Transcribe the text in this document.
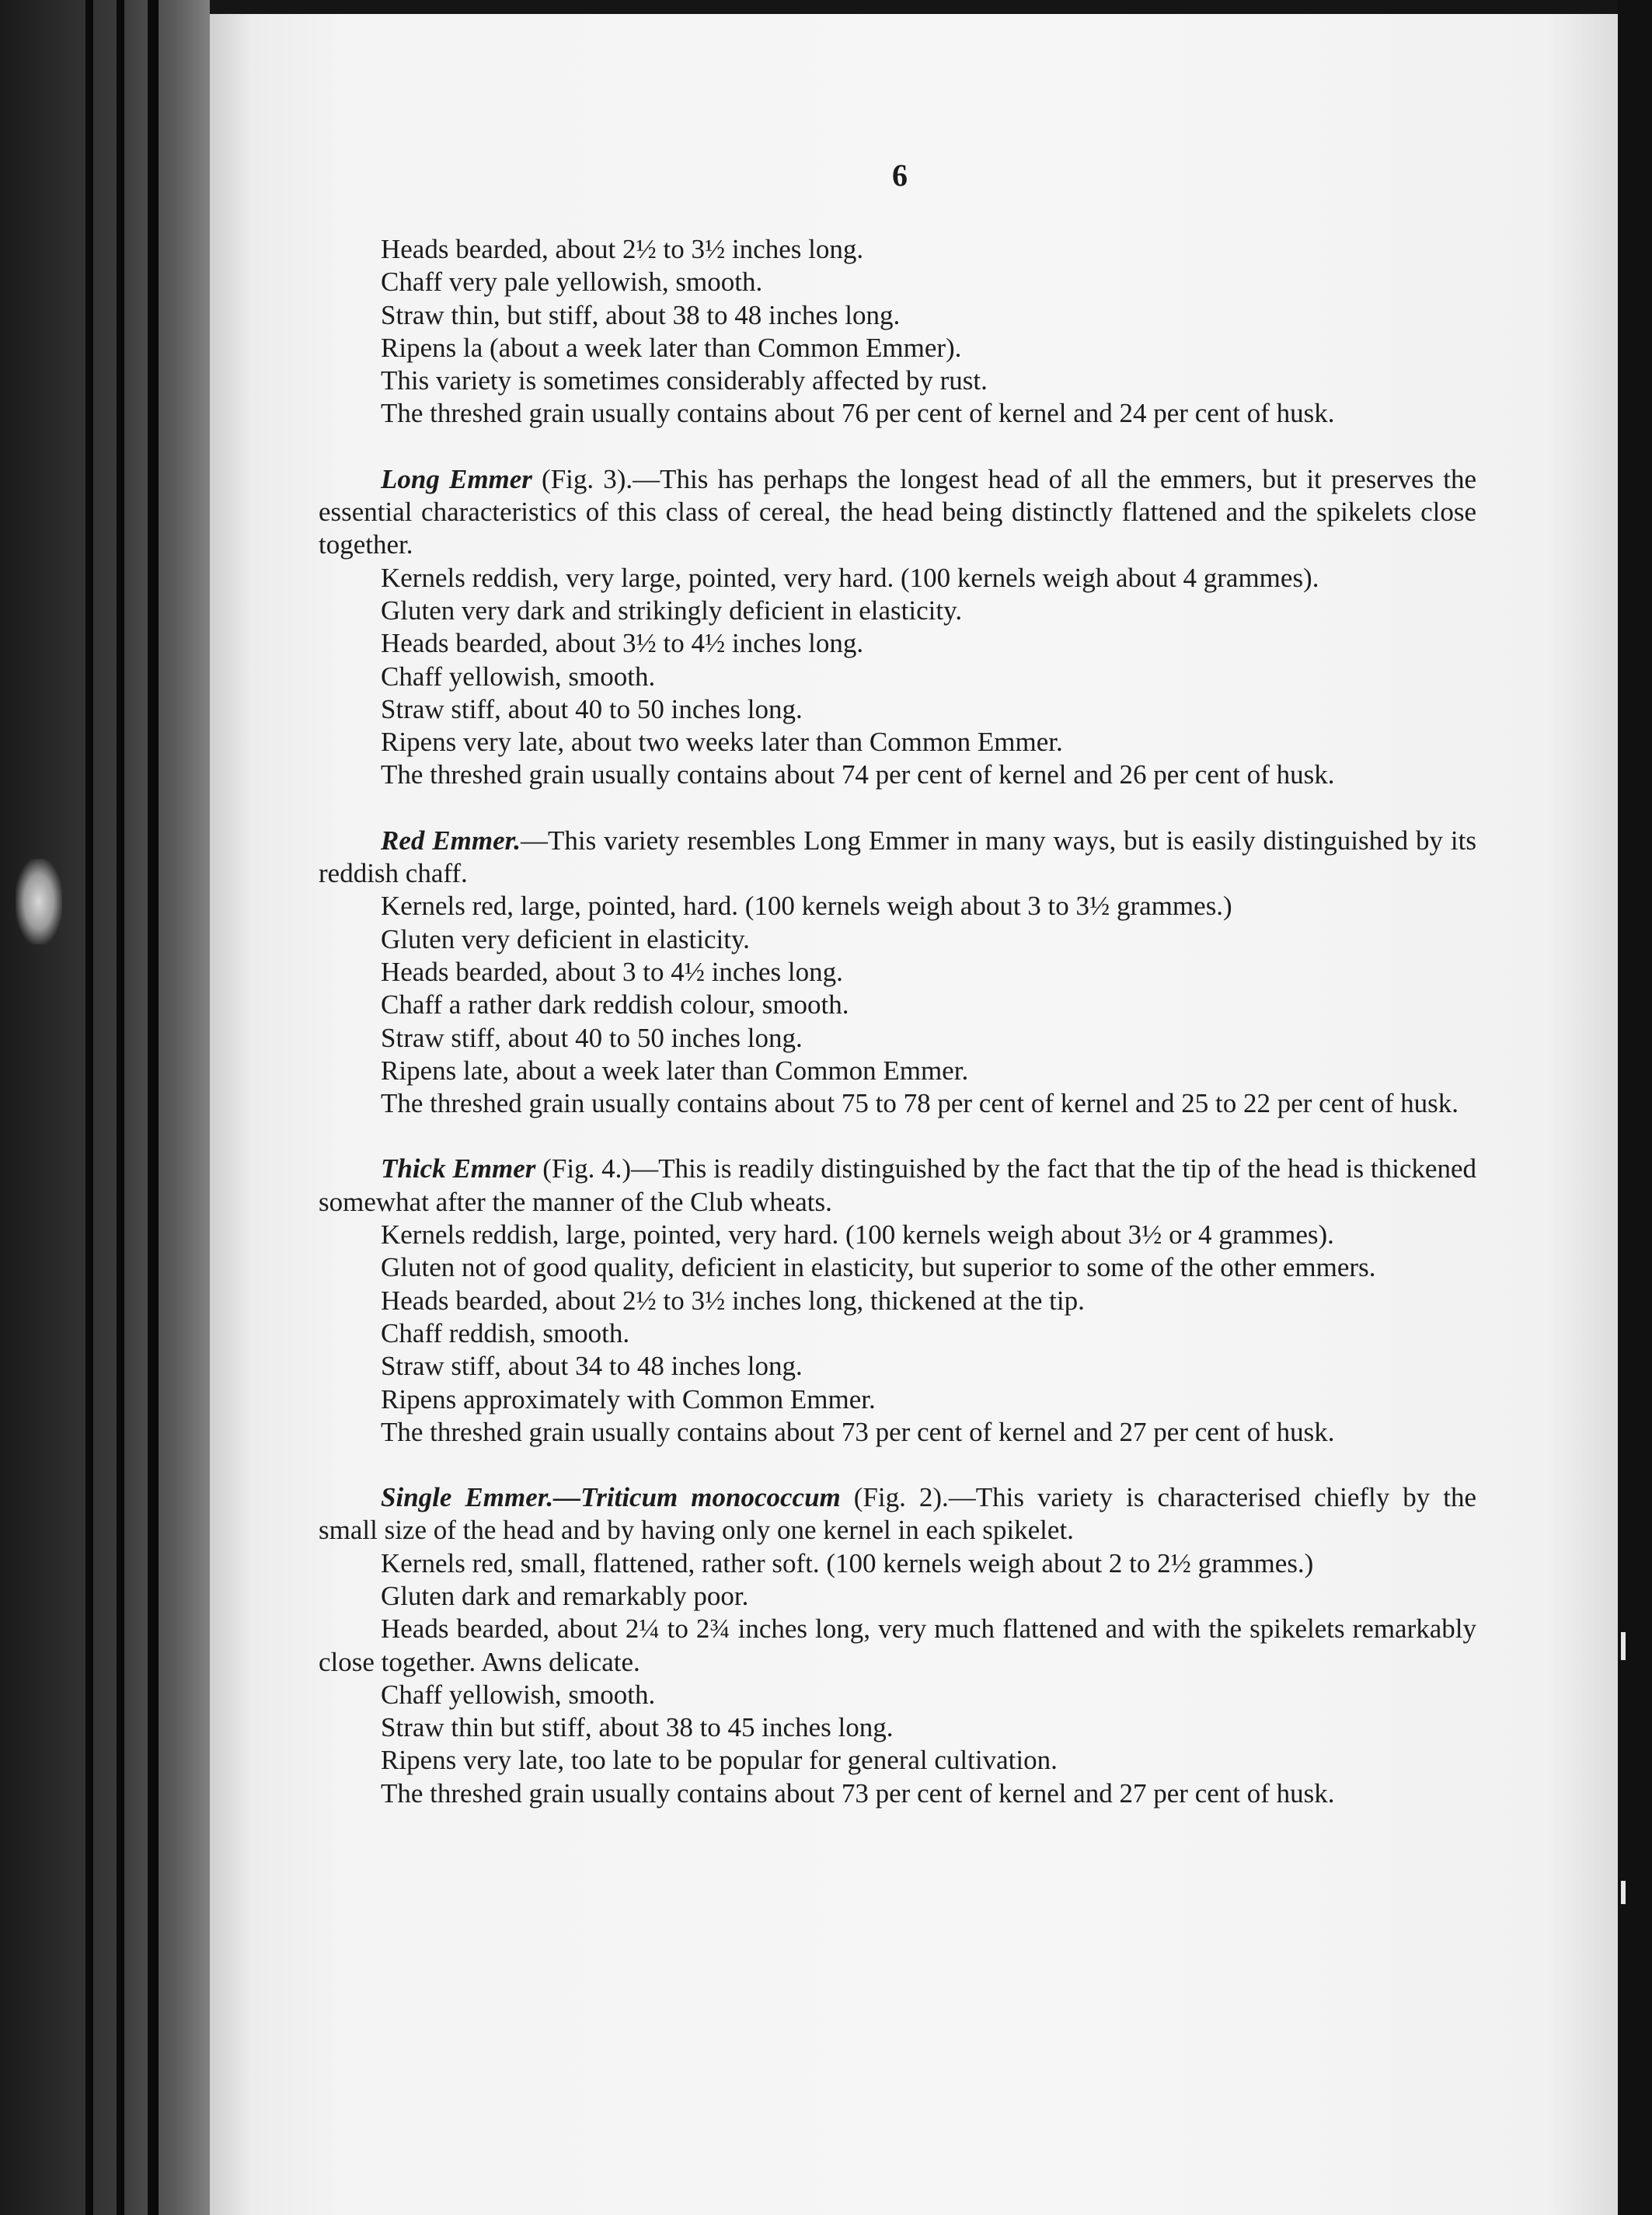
6

Heads bearded, about 2½ to 3½ inches long.

Chaff very pale yellowish, smooth.

Straw thin, but stiff, about 38 to 48 inches long.

Ripens la (about a week later than Common Emmer).

This variety is sometimes considerably affected by rust.

The threshed grain usually contains about 76 per cent of kernel and 24 per cent of husk.

Long Emmer (Fig. 3).—This has perhaps the longest head of all the emmers, but it preserves the essential characteristics of this class of cereal, the head being distinctly flattened and the spikelets close together.

Kernels reddish, very large, pointed, very hard. (100 kernels weigh about 4 grammes).

Gluten very dark and strikingly deficient in elasticity.

Heads bearded, about 3½ to 4½ inches long.

Chaff yellowish, smooth.

Straw stiff, about 40 to 50 inches long.

Ripens very late, about two weeks later than Common Emmer.

The threshed grain usually contains about 74 per cent of kernel and 26 per cent of husk.

Red Emmer.—This variety resembles Long Emmer in many ways, but is easily distinguished by its reddish chaff.

Kernels red, large, pointed, hard. (100 kernels weigh about 3 to 3½ grammes.)

Gluten very deficient in elasticity.

Heads bearded, about 3 to 4½ inches long.

Chaff a rather dark reddish colour, smooth.

Straw stiff, about 40 to 50 inches long.

Ripens late, about a week later than Common Emmer.

The threshed grain usually contains about 75 to 78 per cent of kernel and 25 to 22 per cent of husk.

Thick Emmer (Fig. 4.)—This is readily distinguished by the fact that the tip of the head is thickened somewhat after the manner of the Club wheats.

Kernels reddish, large, pointed, very hard. (100 kernels weigh about 3½ or 4 grammes).

Gluten not of good quality, deficient in elasticity, but superior to some of the other emmers.

Heads bearded, about 2½ to 3½ inches long, thickened at the tip.

Chaff reddish, smooth.

Straw stiff, about 34 to 48 inches long.

Ripens approximately with Common Emmer.

The threshed grain usually contains about 73 per cent of kernel and 27 per cent of husk.

Single Emmer.—Triticum monococcum (Fig. 2).—This variety is characterised chiefly by the small size of the head and by having only one kernel in each spikelet.

Kernels red, small, flattened, rather soft. (100 kernels weigh about 2 to 2½ grammes.)

Gluten dark and remarkably poor.

Heads bearded, about 2¼ to 2¾ inches long, very much flattened and with the spikelets remarkably close together. Awns delicate.

Chaff yellowish, smooth.

Straw thin but stiff, about 38 to 45 inches long.

Ripens very late, too late to be popular for general cultivation.

The threshed grain usually contains about 73 per cent of kernel and 27 per cent of husk.
